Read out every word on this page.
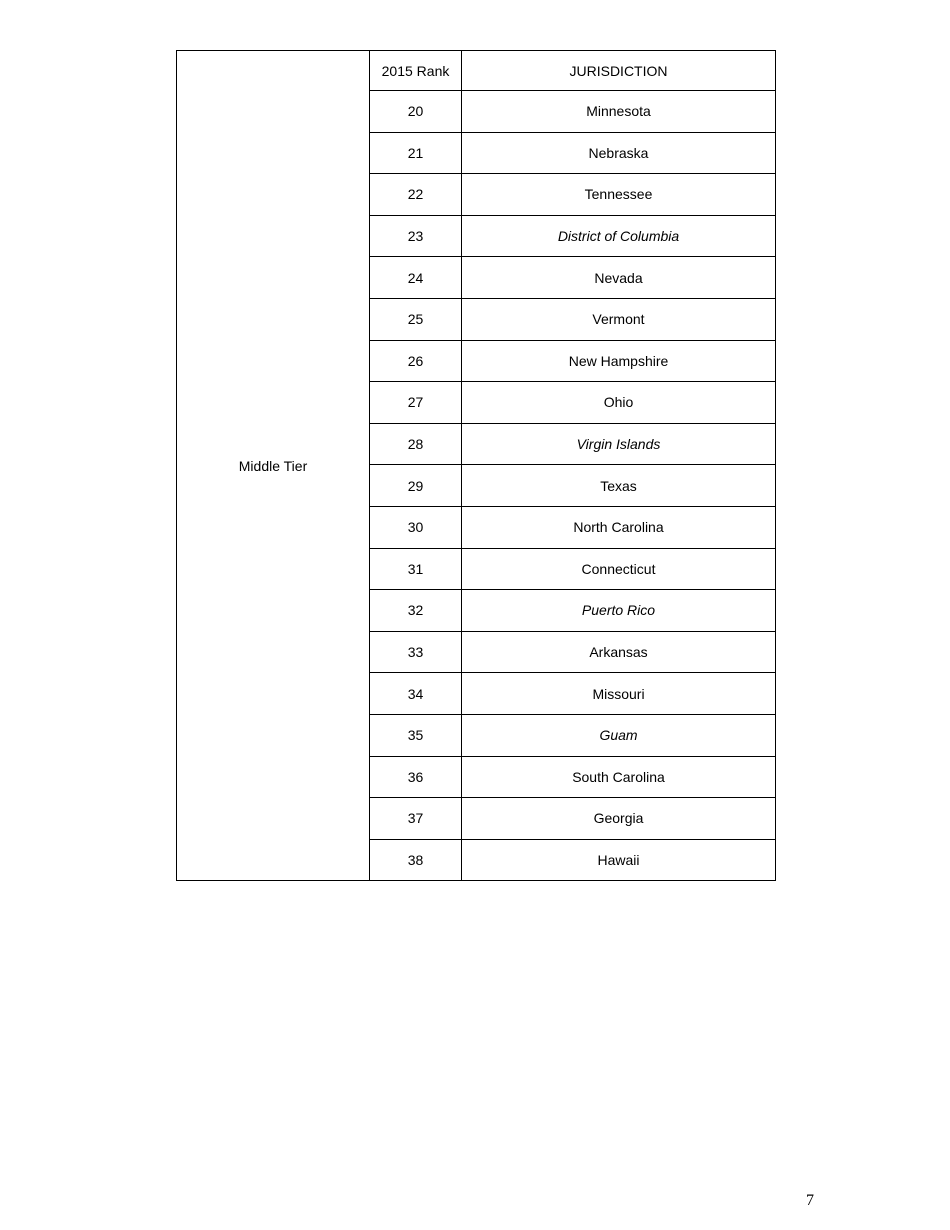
Middle Tier	2015 Rank	JURISDICTION
	20	Minnesota
	21	Nebraska
	22	Tennessee
	23	District of Columbia
	24	Nevada
	25	Vermont
	26	New Hampshire
	27	Ohio
	28	Virgin Islands
	29	Texas
	30	North Carolina
	31	Connecticut
	32	Puerto Rico
	33	Arkansas
	34	Missouri
	35	Guam
	36	South Carolina
	37	Georgia
	38	Hawaii
7
